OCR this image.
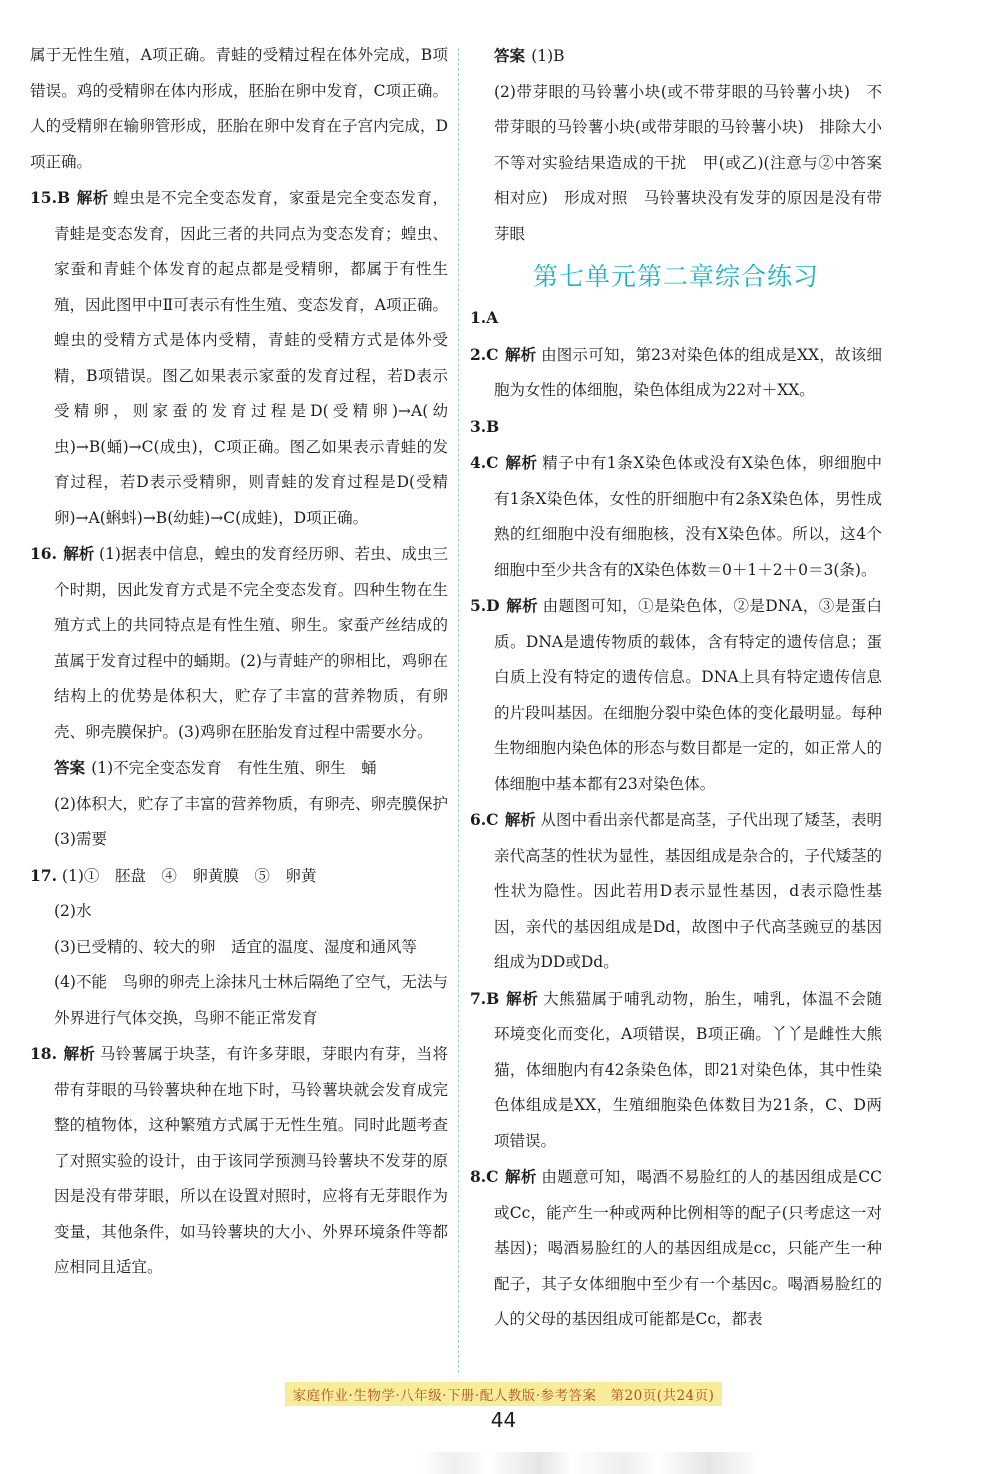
属于无性生殖，A项正确。青蛙的受精过程在体外完成，B项错误。鸡的受精卵在体内形成，胚胎在卵中发育，C项正确。人的受精卵在输卵管形成，胚胎在卵中发育在子宫内完成，D项正确。

15.B 解析 蝗虫是不完全变态发育，家蚕是完全变态发育，青蛙是变态发育，因此三者的共同点为变态发育；蝗虫、家蚕和青蛙个体发育的起点都是受精卵，都属于有性生殖，因此图甲中Ⅱ可表示有性生殖、变态发育，A项正确。蝗虫的受精方式是体内受精，青蛙的受精方式是体外受精，B项错误。图乙如果表示家蚕的发育过程，若D表示受精卵，则家蚕的发育过程是D(受精卵)→A(幼虫)→B(蛹)→C(成虫)，C项正确。图乙如果表示青蛙的发育过程，若D表示受精卵，则青蛙的发育过程是D(受精卵)→A(蝌蚪)→B(幼蛙)→C(成蛙)，D项正确。

16. 解析 (1)据表中信息，蝗虫的发育经历卵、若虫、成虫三个时期，因此发育方式是不完全变态发育。四种生物在生殖方式上的共同特点是有性生殖、卵生。家蚕产丝结成的茧属于发育过程中的蛹期。(2)与青蛙产的卵相比，鸡卵在结构上的优势是体积大，贮存了丰富的营养物质，有卵壳、卵壳膜保护。(3)鸡卵在胚胎发育过程中需要水分。

答案 (1)不完全变态发育　有性生殖、卵生　蛹

(2)体积大，贮存了丰富的营养物质，有卵壳、卵壳膜保护

(3)需要

17. (1)①　胚盘　④　卵黄膜　⑤　卵黄

(2)水

(3)已受精的、较大的卵　适宜的温度、湿度和通风等

(4)不能　鸟卵的卵壳上涂抹凡士林后隔绝了空气，无法与外界进行气体交换，鸟卵不能正常发育

18. 解析 马铃薯属于块茎，有许多芽眼，芽眼内有芽，当将带有芽眼的马铃薯块种在地下时，马铃薯块就会发育成完整的植物体，这种繁殖方式属于无性生殖。同时此题考查了对照实验的设计，由于该同学预测马铃薯块不发芽的原因是没有带芽眼，所以在设置对照时，应将有无芽眼作为变量，其他条件，如马铃薯块的大小、外界环境条件等都应相同且适宜。

答案 (1)B

(2)带芽眼的马铃薯小块(或不带芽眼的马铃薯小块)　不带芽眼的马铃薯小块(或带芽眼的马铃薯小块)　排除大小不等对实验结果造成的干扰　甲(或乙)(注意与②中答案相对应)　形成对照　马铃薯块没有发芽的原因是没有带芽眼

第七单元第二章综合练习

1.A

2.C 解析 由图示可知，第23对染色体的组成是XX，故该细胞为女性的体细胞，染色体组成为22对＋XX。

3.B

4.C 解析 精子中有1条X染色体或没有X染色体，卵细胞中有1条X染色体，女性的肝细胞中有2条X染色体，男性成熟的红细胞中没有细胞核，没有X染色体。所以，这4个细胞中至少共含有的X染色体数＝0＋1＋2＋0＝3(条)。

5.D 解析 由题图可知，①是染色体，②是DNA，③是蛋白质。DNA是遗传物质的载体，含有特定的遗传信息；蛋白质上没有特定的遗传信息。DNA上具有特定遗传信息的片段叫基因。在细胞分裂中染色体的变化最明显。每种生物细胞内染色体的形态与数目都是一定的，如正常人的体细胞中基本都有23对染色体。

6.C 解析 从图中看出亲代都是高茎，子代出现了矮茎，表明亲代高茎的性状为显性，基因组成是杂合的，子代矮茎的性状为隐性。因此若用D表示显性基因，d表示隐性基因，亲代的基因组成是Dd，故图中子代高茎豌豆的基因组成为DD或Dd。

7.B 解析 大熊猫属于哺乳动物，胎生，哺乳，体温不会随环境变化而变化，A项错误，B项正确。丫丫是雌性大熊猫，体细胞内有42条染色体，即21对染色体，其中性染色体组成是XX，生殖细胞染色体数目为21条，C、D两项错误。

8.C 解析 由题意可知，喝酒不易脸红的人的基因组成是CC或Cc，能产生一种或两种比例相等的配子(只考虑这一对基因)；喝酒易脸红的人的基因组成是cc，只能产生一种配子，其子女体细胞中至少有一个基因c。喝酒易脸红的人的父母的基因组成可能都是Cc，都表

家庭作业·生物学·八年级·下册·配人教版·参考答案　第20页(共24页)
44
